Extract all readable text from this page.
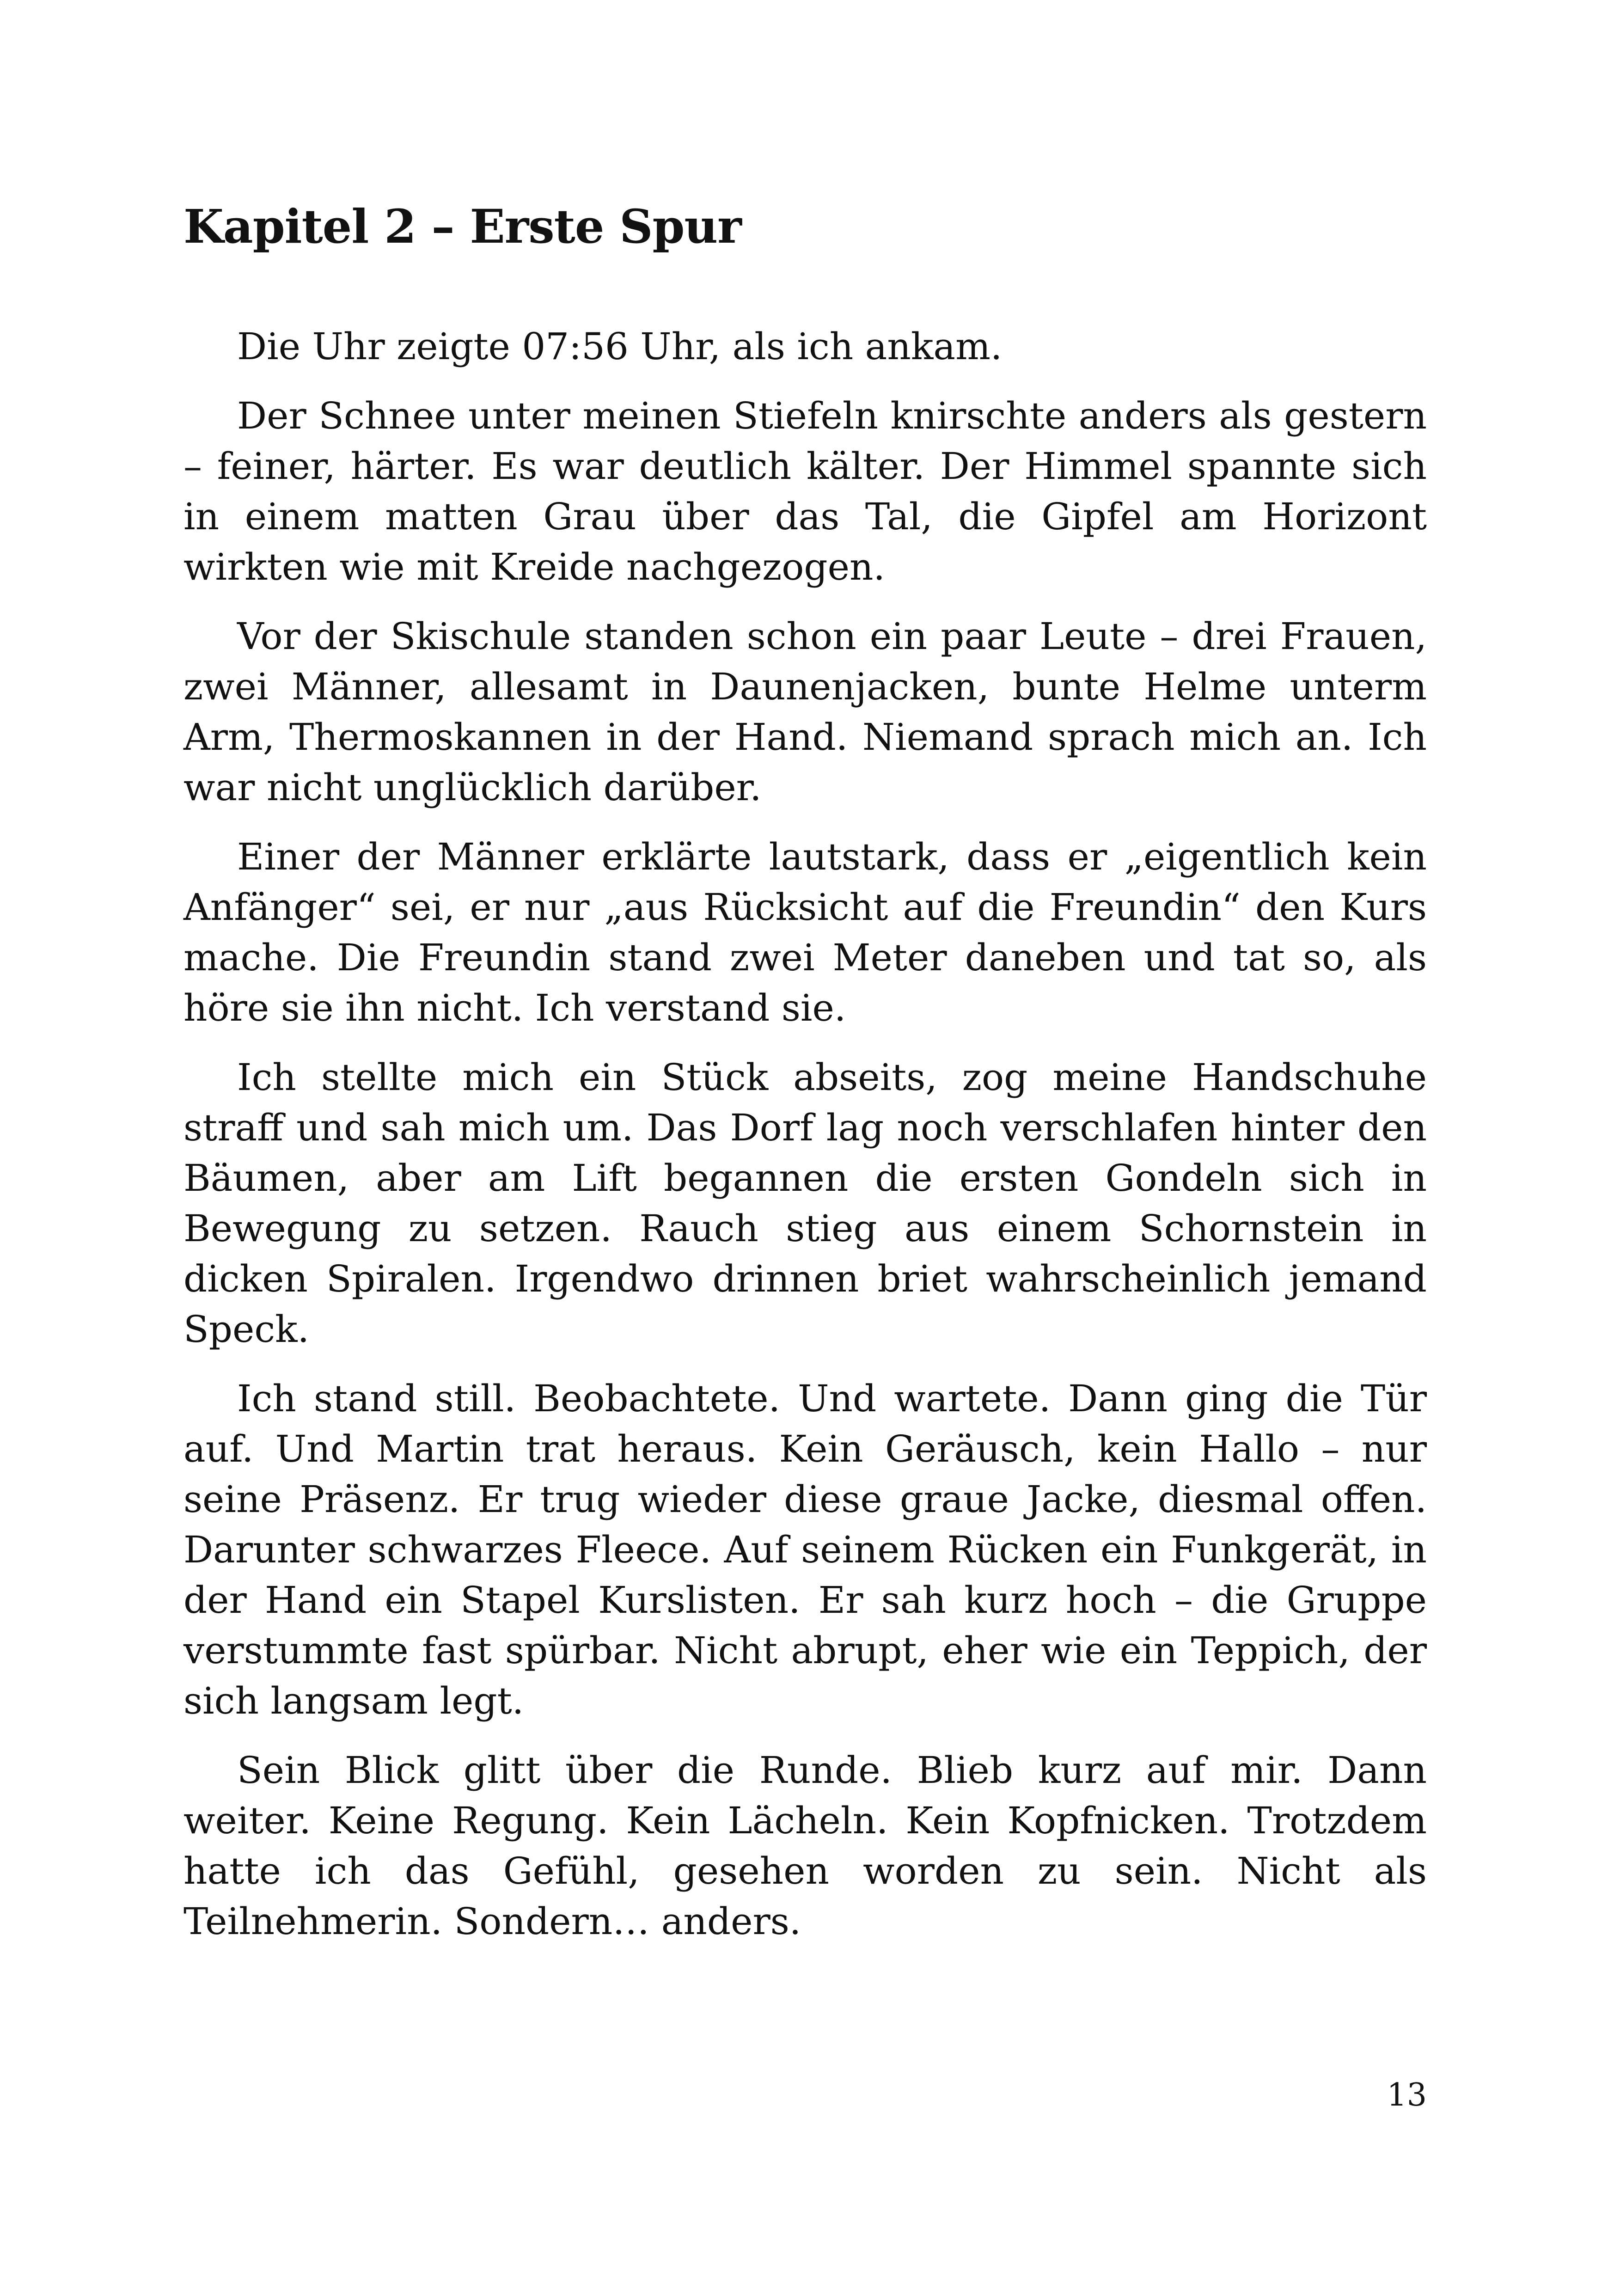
Kapitel 2 – Erste Spur

Die Uhr zeigte 07:56 Uhr, als ich ankam.

Der Schnee unter meinen Stiefeln knirschte anders als gestern – feiner, härter. Es war deutlich kälter. Der Himmel spannte sich in einem matten Grau über das Tal, die Gipfel am Horizont wirkten wie mit Kreide nachgezogen.

Vor der Skischule standen schon ein paar Leute – drei Frauen, zwei Männer, allesamt in Daunenjacken, bunte Helme unterm Arm, Thermoskannen in der Hand. Niemand sprach mich an. Ich war nicht unglücklich darüber.

Einer der Männer erklärte lautstark, dass er „eigentlich kein Anfänger“ sei, er nur „aus Rücksicht auf die Freundin“ den Kurs mache. Die Freundin stand zwei Meter daneben und tat so, als höre sie ihn nicht. Ich verstand sie.

Ich stellte mich ein Stück abseits, zog meine Handschuhe straff und sah mich um. Das Dorf lag noch verschlafen hinter den Bäumen, aber am Lift begannen die ersten Gondeln sich in Bewegung zu setzen. Rauch stieg aus einem Schornstein in dicken Spiralen. Irgendwo drinnen briet wahrscheinlich jemand Speck.

Ich stand still. Beobachtete. Und wartete. Dann ging die Tür auf. Und Martin trat heraus. Kein Geräusch, kein Hallo – nur seine Präsenz. Er trug wieder diese graue Jacke, diesmal offen. Darunter schwarzes Fleece. Auf seinem Rücken ein Funkgerät, in der Hand ein Stapel Kurslisten. Er sah kurz hoch – die Gruppe verstummte fast spürbar. Nicht abrupt, eher wie ein Teppich, der sich langsam legt.

Sein Blick glitt über die Runde. Blieb kurz auf mir. Dann weiter. Keine Regung. Kein Lächeln. Kein Kopfnicken. Trotzdem hatte ich das Gefühl, gesehen worden zu sein. Nicht als Teilnehmerin. Sondern… anders.

13
